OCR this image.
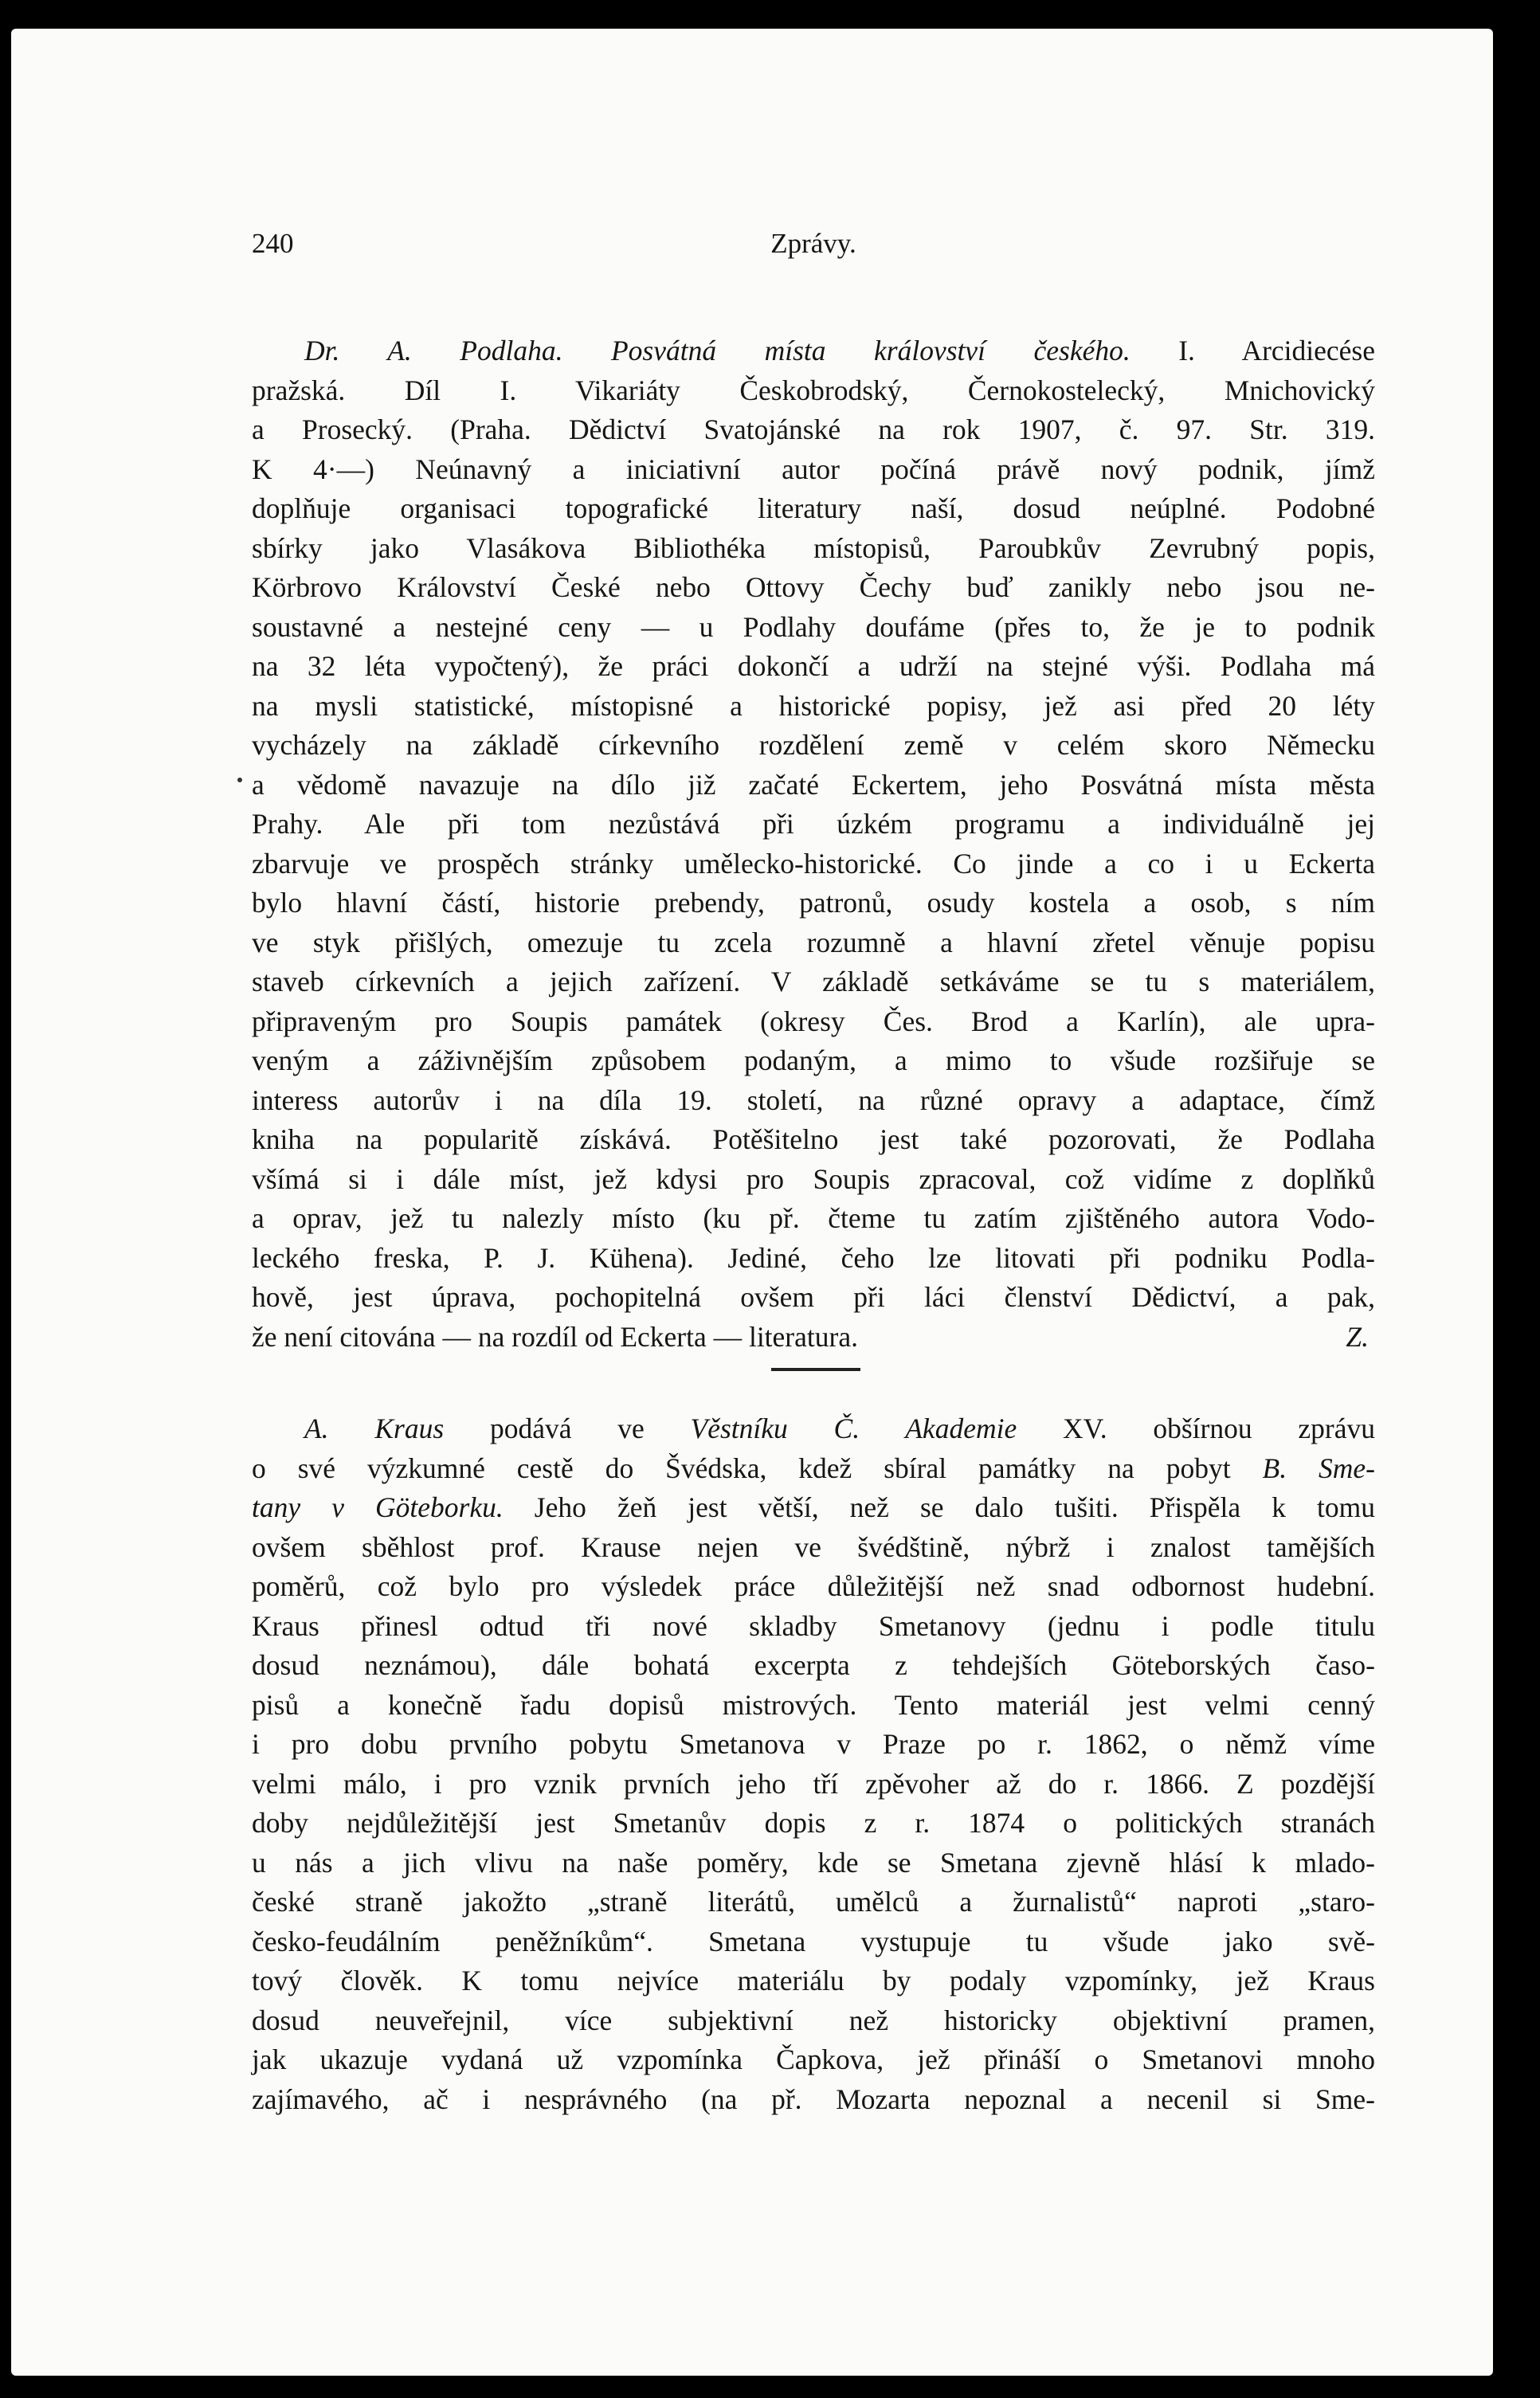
240	Zprávy.
Dr. A. Podlaha. Posvátná místa království českého. I. Arcidiecése
pražská. Díl I. Vikariáty Českobrodský, Černokostelecký, Mnichovický
a Prosecký. (Praha. Dědictví Svatojánské na rok 1907, č. 97. Str. 319.
K 4·—) Neúnavný a iniciativní autor počíná právě nový podnik, jímž
doplňuje organisaci topografické literatury naší, dosud neúplné. Podobné
sbírky jako Vlasákova Bibliothéka místopisů, Paroubkův Zevrubný popis,
Körbrovo Království České nebo Ottovy Čechy buď zanikly nebo jsou ne-
soustavné a nestejné ceny — u Podlahy doufáme (přes to, že je to podnik
na 32 léta vypočtený), že práci dokončí a udrží na stejné výši. Podlaha má
na mysli statistické, místopisné a historické popisy, jež asi před 20 léty
vycházely na základě církevního rozdělení země v celém skoro Německu
a vědomě navazuje na dílo již začaté Eckertem, jeho Posvátná místa města
Prahy. Ale při tom nezůstává při úzkém programu a individuálně jej
zbarvuje ve prospěch stránky umělecko-historické. Co jinde a co i u Eckerta
bylo hlavní částí, historie prebendy, patronů, osudy kostela a osob, s ním
ve styk přišlých, omezuje tu zcela rozumně a hlavní zřetel věnuje popisu
staveb církevních a jejich zařízení. V základě setkáváme se tu s materiálem,
připraveným pro Soupis památek (okresy Čes. Brod a Karlín), ale upra-
veným a záživnějším způsobem podaným, a mimo to všude rozšiřuje se
interess autorův i na díla 19. století, na různé opravy a adaptace, čímž
kniha na popularitě získává. Potěšitelno jest také pozorovati, že Podlaha
všímá si i dále míst, jež kdysi pro Soupis zpracoval, což vidíme z doplňků
a oprav, jež tu nalezly místo (ku př. čteme tu zatím zjištěného autora Vodo-
leckého freska, P. J. Kühena). Jediné, čeho lze litovati při podniku Podla-
hově, jest úprava, pochopitelná ovšem při láci členství Dědictví, a pak,
že není citována — na rozdíl od Eckerta — literatura.	Z.
A. Kraus podává ve Věstníku Č. Akademie XV. obšírnou zprávu
o své výzkumné cestě do Švédska, kdež sbíral památky na pobyt B. Sme-
tany v Göteborku. Jeho žeň jest větší, než se dalo tušiti. Přispěla k tomu
ovšem sběhlost prof. Krause nejen ve švédštině, nýbrž i znalost tamějších
poměrů, což bylo pro výsledek práce důležitější než snad odbornost hudební.
Kraus přinesl odtud tři nové skladby Smetanovy (jednu i podle titulu
dosud neznámou), dále bohatá excerpta z tehdejších Göteborských časo-
pisů a konečně řadu dopisů mistrových. Tento materiál jest velmi cenný
i pro dobu prvního pobytu Smetanova v Praze po r. 1862, o němž víme
velmi málo, i pro vznik prvních jeho tří zpěvoher až do r. 1866. Z pozdější
doby nejdůležitější jest Smetanův dopis z r. 1874 o politických stranách
u nás a jich vlivu na naše poměry, kde se Smetana zjevně hlásí k mlado-
české straně jakožto „straně literátů, umělců a žurnalistů“ naproti „staro-
česko-feudálním peněžníkům“. Smetana vystupuje tu všude jako svě-
tový člověk. K tomu nejvíce materiálu by podaly vzpomínky, jež Kraus
dosud neuveřejnil, více subjektivní než historicky objektivní pramen,
jak ukazuje vydaná už vzpomínka Čapkova, jež přináší o Smetanovi mnoho
zajímavého, ač i nesprávného (na př. Mozarta nepoznal a necenil si Sme-
